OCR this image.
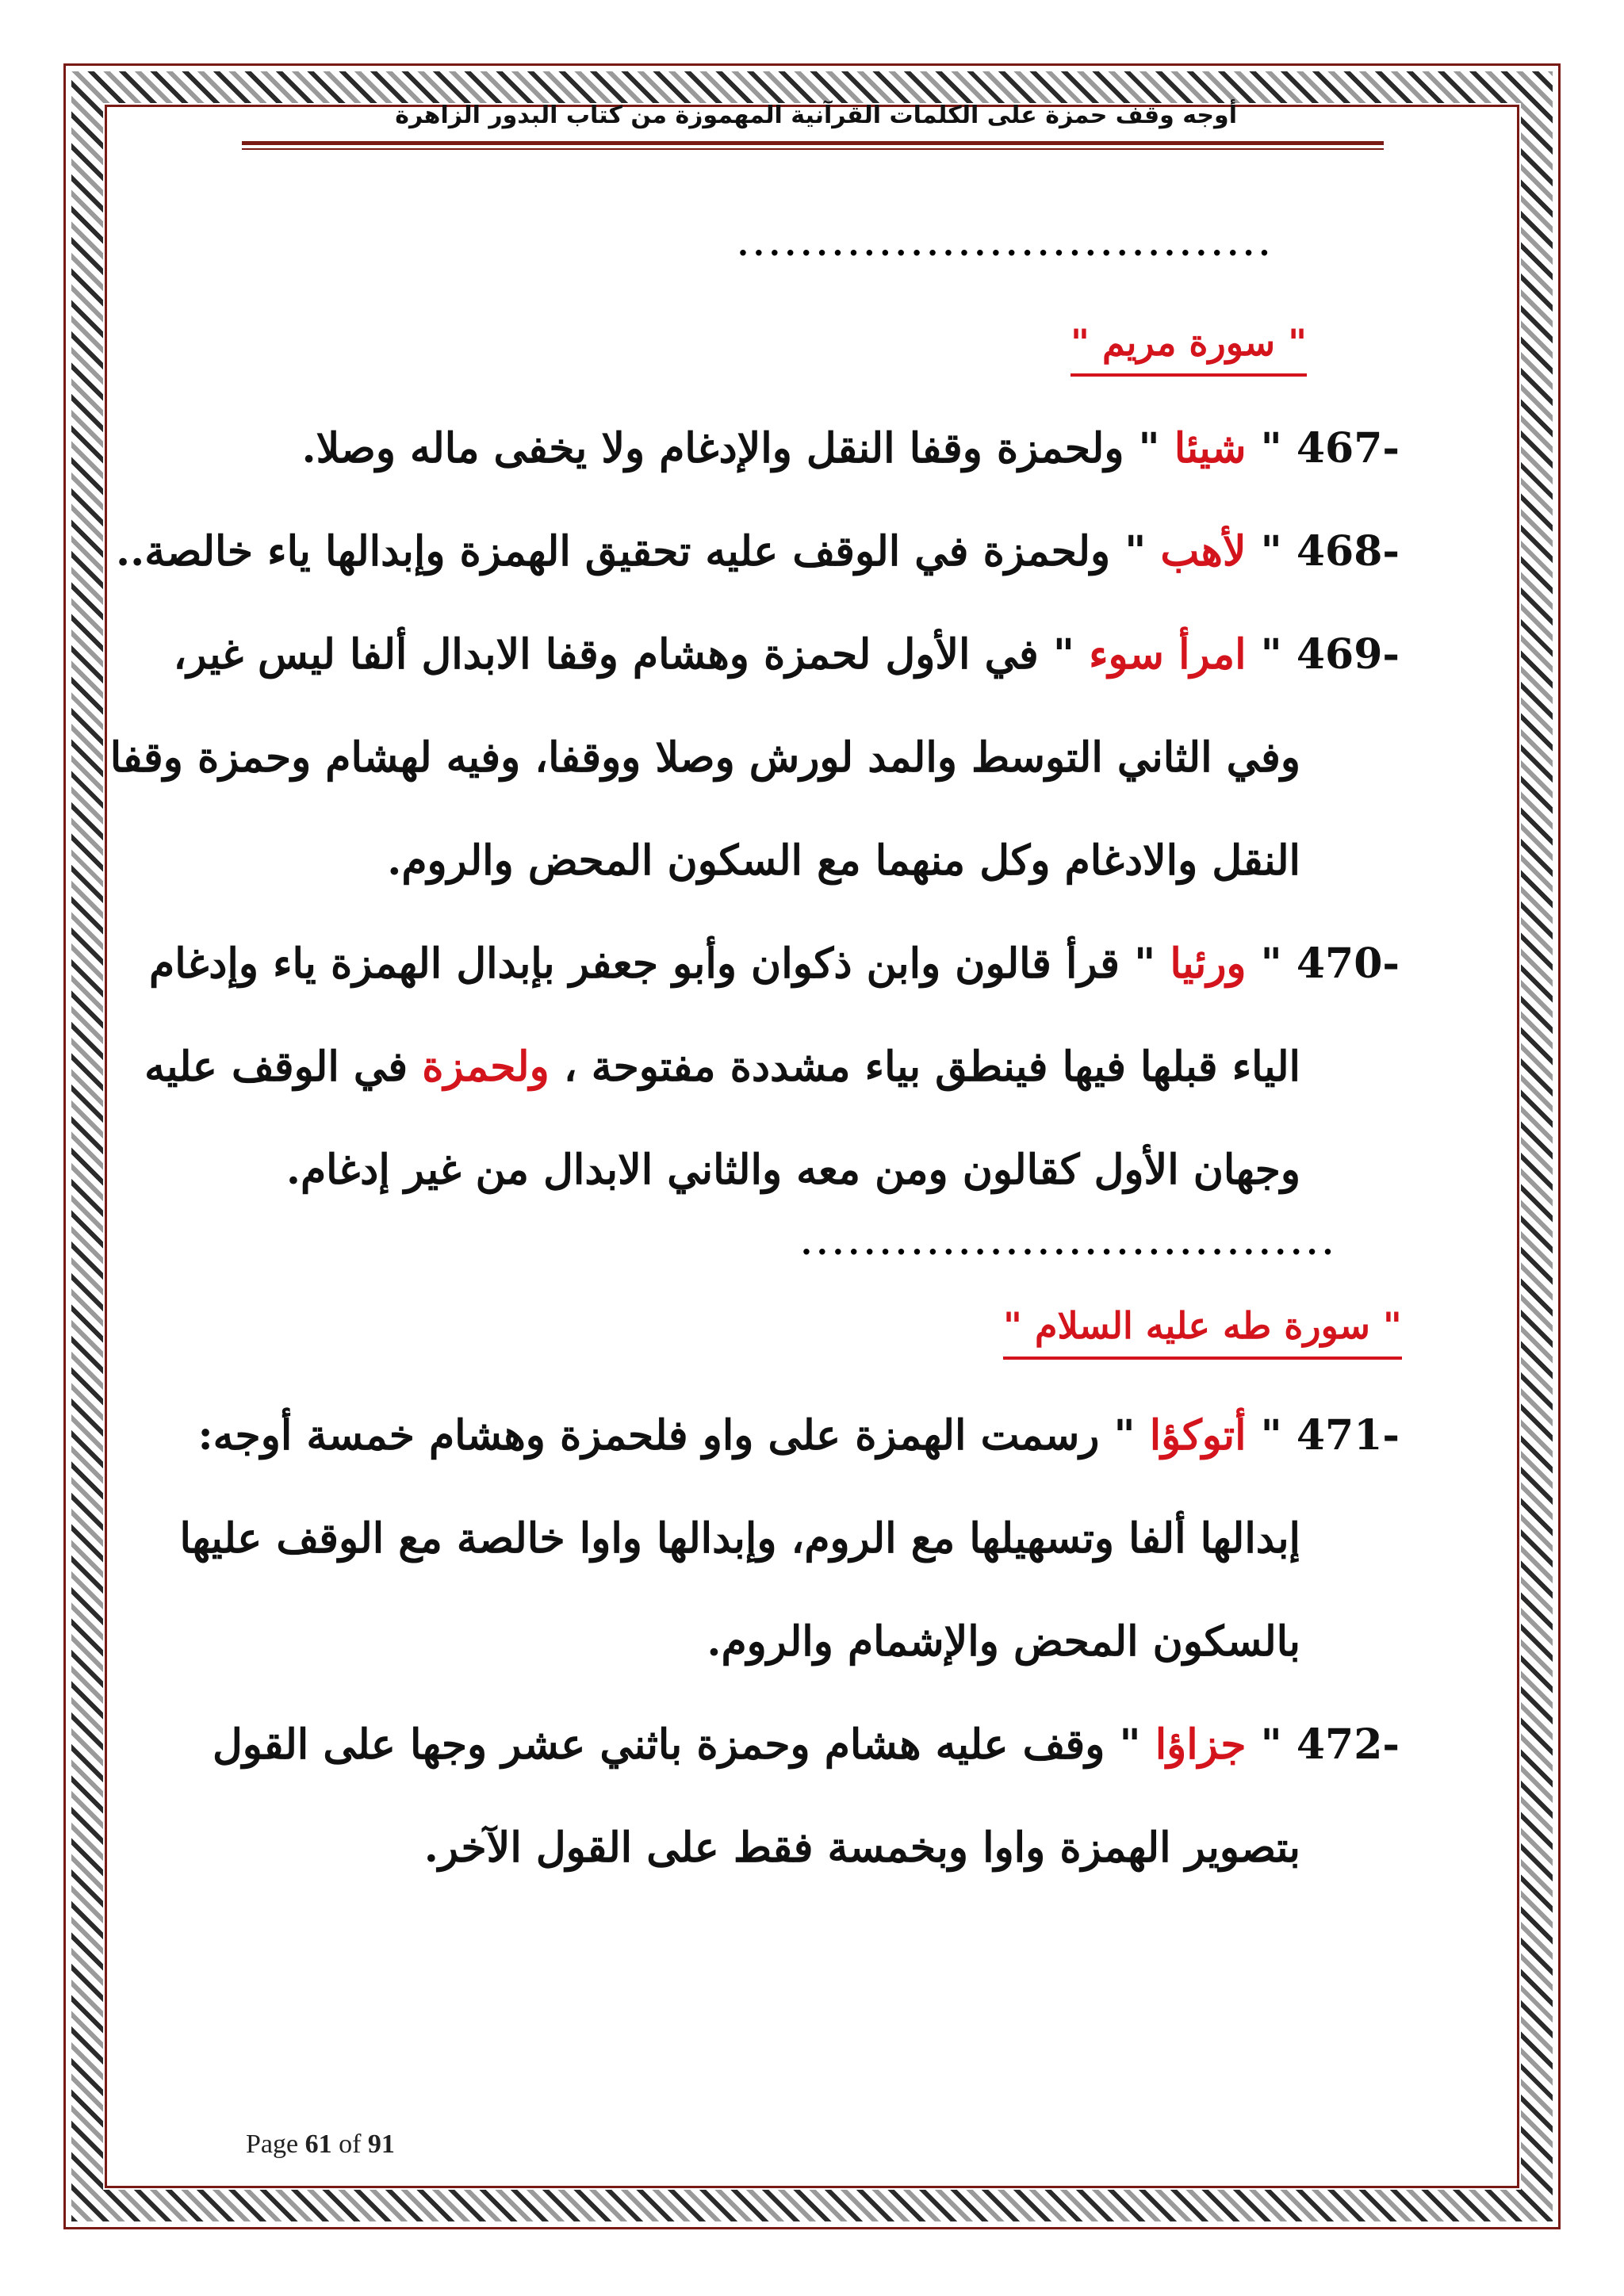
أوجه وقف حمزة على الكلمات القرآنية المهموزة من كتاب البدور الزاهرة
..................................
" سورة مريم "
467- " شيئا " ولحمزة وقفا النقل والإدغام ولا يخفى ماله وصلا.
468- " لأهب " ولحمزة في الوقف عليه تحقيق الهمزة وإبدالها ياء خالصة..
469- " امرأ سوء " في الأول لحمزة وهشام وقفا الابدال ألفا ليس غير،
وفي الثاني التوسط والمد لورش وصلا ووقفا، وفيه لهشام وحمزة وقفا
النقل والادغام وكل منهما مع السكون المحض والروم.
470- " ورئيا " قرأ قالون وابن ذكوان وأبو جعفر بإبدال الهمزة ياء وإدغام
الياء قبلها فيها فينطق بياء مشددة مفتوحة ، ولحمزة في الوقف عليه
وجهان الأول كقالون ومن معه والثاني الابدال من غير إدغام.
..................................
" سورة طه عليه السلام "
471- " أتوكؤا " رسمت الهمزة على واو فلحمزة وهشام خمسة أوجه:
إبدالها ألفا وتسهيلها مع الروم، وإبدالها واوا خالصة مع الوقف عليها
بالسكون المحض والإشمام والروم.
472- " جزاؤا " وقف عليه هشام وحمزة باثني عشر وجها على القول
بتصوير الهمزة واوا وبخمسة فقط على القول الآخر.
Page 61 of 91
